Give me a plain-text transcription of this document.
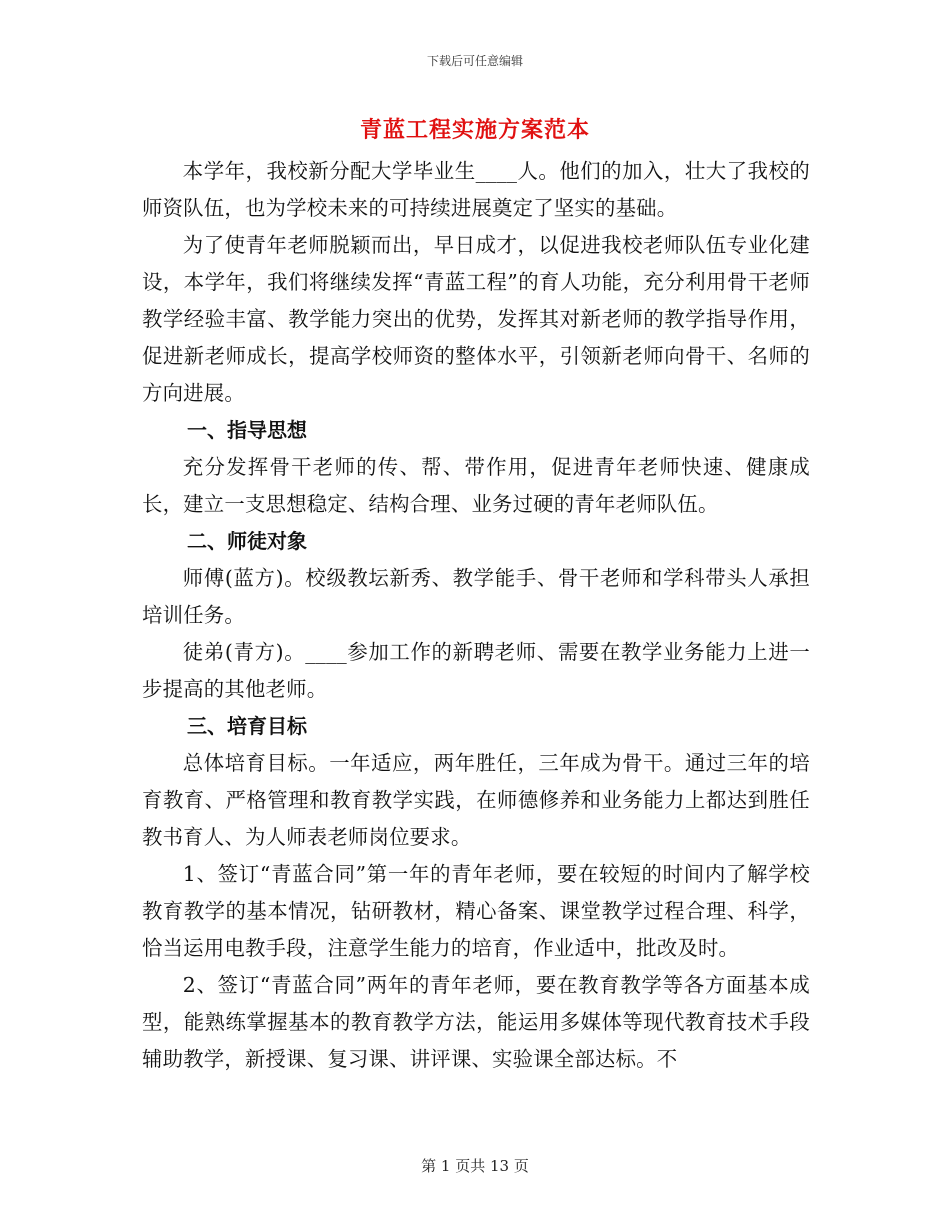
下载后可任意编辑
青蓝工程实施方案范本

本学年，我校新分配大学毕业生____人。他们的加入，壮大了我校的师资队伍，也为学校未来的可持续进展奠定了坚实的基础。

为了使青年老师脱颖而出，早日成才，以促进我校老师队伍专业化建设，本学年，我们将继续发挥“青蓝工程”的育人功能，充分利用骨干老师教学经验丰富、教学能力突出的优势，发挥其对新老师的教学指导作用，促进新老师成长，提高学校师资的整体水平，引领新老师向骨干、名师的方向进展。

一、指导思想

充分发挥骨干老师的传、帮、带作用，促进青年老师快速、健康成长，建立一支思想稳定、结构合理、业务过硬的青年老师队伍。

二、师徒对象

师傅(蓝方)。校级教坛新秀、教学能手、骨干老师和学科带头人承担培训任务。

徒弟(青方)。____参加工作的新聘老师、需要在教学业务能力上进一步提高的其他老师。

三、培育目标

总体培育目标。一年适应，两年胜任，三年成为骨干。通过三年的培育教育、严格管理和教育教学实践，在师德修养和业务能力上都达到胜任教书育人、为人师表老师岗位要求。

1、签订“青蓝合同”第一年的青年老师，要在较短的时间内了解学校教育教学的基本情况，钻研教材，精心备案、课堂教学过程合理、科学，恰当运用电教手段，注意学生能力的培育，作业适中，批改及时。

2、签订“青蓝合同”两年的青年老师，要在教育教学等各方面基本成型，能熟练掌握基本的教育教学方法，能运用多媒体等现代教育技术手段辅助教学，新授课、复习课、讲评课、实验课全部达标。不

第 1 页共 13 页
